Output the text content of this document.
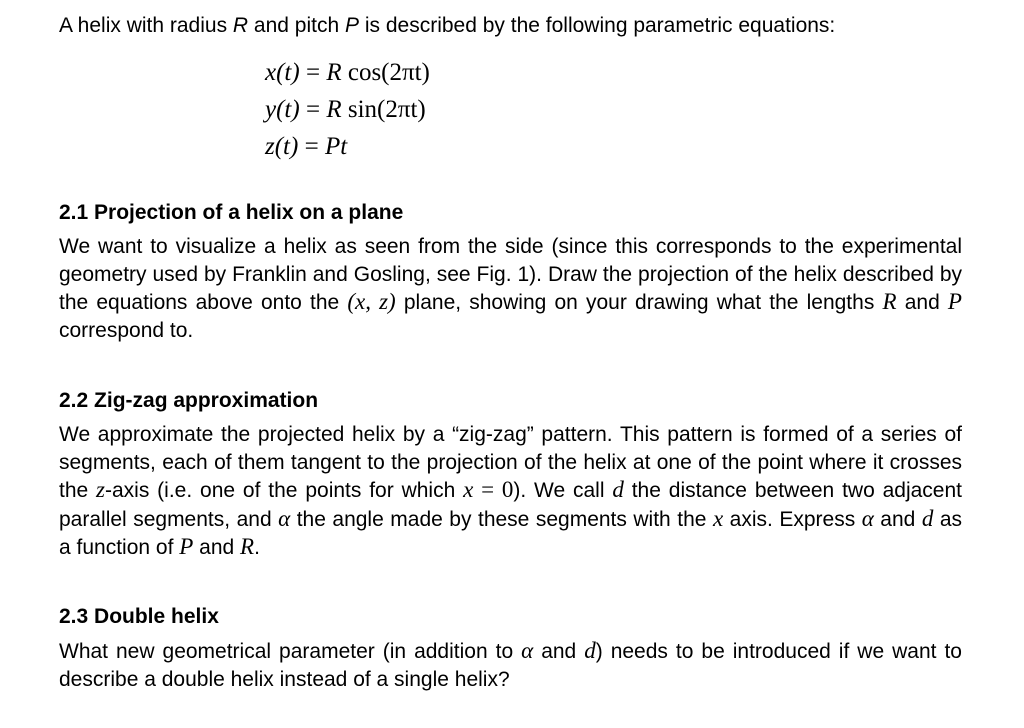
A helix with radius R and pitch P is described by the following parametric equations:
x(t) = R cos(2πt)
y(t) = R sin(2πt)
z(t) = Pt
2.1 Projection of a helix on a plane

We want to visualize a helix as seen from the side (since this corresponds to the experimental geometry used by Franklin and Gosling, see Fig. 1). Draw the projection of the helix described by the equations above onto the (x, z) plane, showing on your drawing what the lengths R and P correspond to.

2.2 Zig-zag approximation

We approximate the projected helix by a “zig-zag” pattern. This pattern is formed of a series of segments, each of them tangent to the projection of the helix at one of the point where it crosses the z-axis (i.e. one of the points for which x = 0). We call d the distance between two adjacent parallel segments, and α the angle made by these segments with the x axis. Express α and d as a function of P and R.

2.3 Double helix

What new geometrical parameter (in addition to α and d) needs to be introduced if we want to describe a double helix instead of a single helix?
